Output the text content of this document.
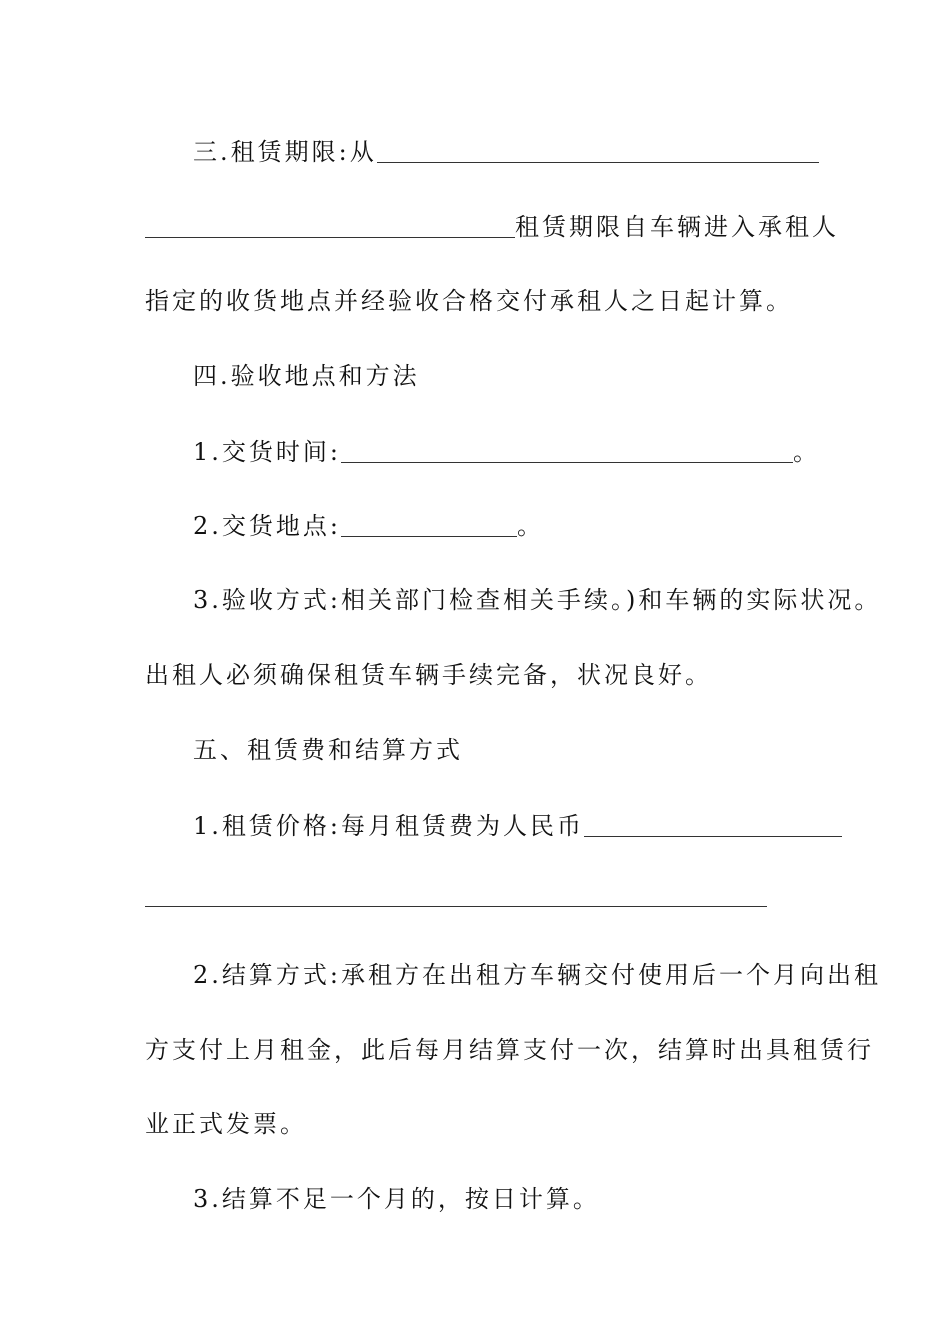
三.租赁期限:从
租赁期限自车辆进入承租人
指定的收货地点并经验收合格交付承租人之日起计算。
四.验收地点和方法
1.交货时间:	。
2.交货地点:	。
3.验收方式:相关部门检查相关手续。)和车辆的实际状况。
出租人必须确保租赁车辆手续完备，状况良好。
五、租赁费和结算方式
1.租赁价格:每月租赁费为人民币
2.结算方式:承租方在出租方车辆交付使用后一个月向出租
方支付上月租金，此后每月结算支付一次，结算时出具租赁行
业正式发票。
3.结算不足一个月的，按日计算。
